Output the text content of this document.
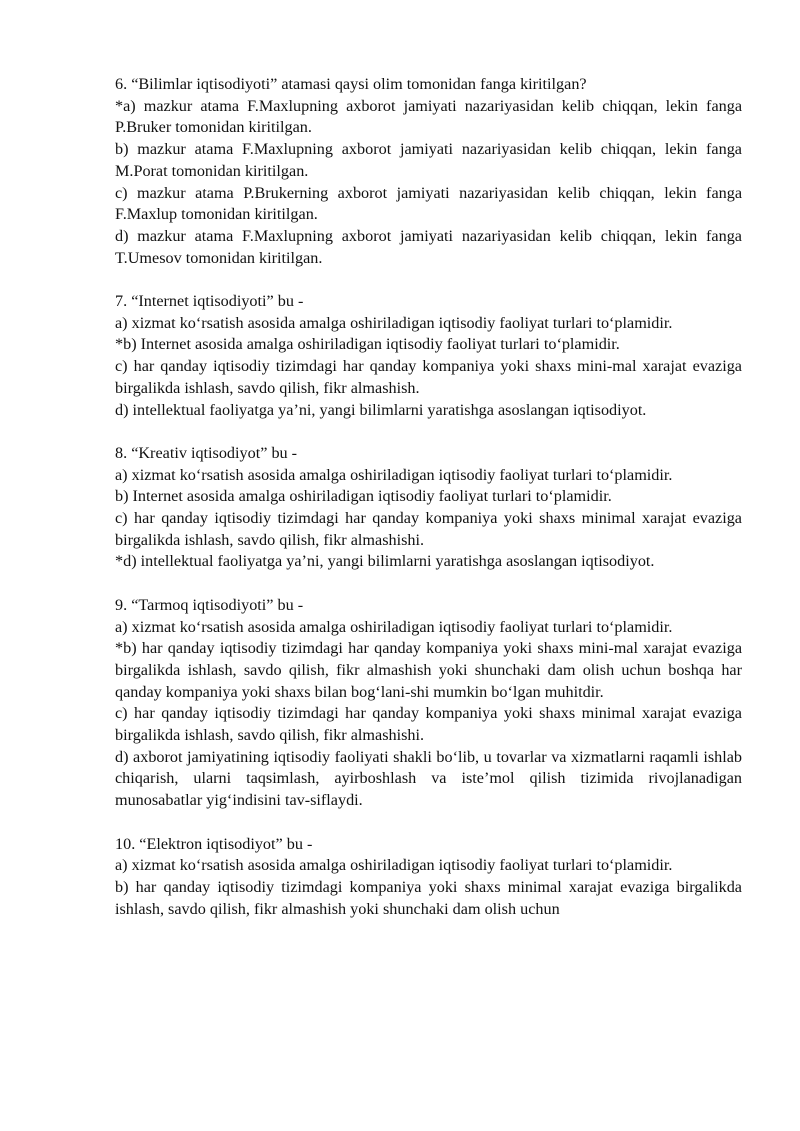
6. “Bilimlar iqtisodiyoti” atamasi qaysi olim tomonidan fanga kiritilgan?

*a) mazkur atama F.Maxlupning axborot jamiyati nazariyasidan kelib chiqqan, lekin fanga P.Bruker tomonidan kiritilgan.

b) mazkur atama F.Maxlupning axborot jamiyati nazariyasidan kelib chiqqan, lekin fanga M.Porat tomonidan kiritilgan.

c) mazkur atama P.Brukerning axborot jamiyati nazariyasidan kelib chiqqan, lekin fanga F.Maxlup tomonidan kiritilgan.

d) mazkur atama F.Maxlupning axborot jamiyati nazariyasidan kelib chiqqan, lekin fanga T.Umesov tomonidan kiritilgan.

7. “Internet iqtisodiyoti” bu -

a) xizmat ko‘rsatish asosida amalga oshiriladigan iqtisodiy faoliyat turlari to‘plamidir.

*b) Internet asosida amalga oshiriladigan iqtisodiy faoliyat turlari to‘plamidir.

c) har qanday iqtisodiy tizimdagi har qanday kompaniya yoki shaxs mini-mal xarajat evaziga birgalikda ishlash, savdo qilish, fikr almashish.

d) intellektual faoliyatga ya’ni, yangi bilimlarni yaratishga asoslangan iqtisodiyot.

8. “Kreativ iqtisodiyot” bu -

a) xizmat ko‘rsatish asosida amalga oshiriladigan iqtisodiy faoliyat turlari to‘plamidir.

b) Internet asosida amalga oshiriladigan iqtisodiy faoliyat turlari to‘plamidir.

c) har qanday iqtisodiy tizimdagi har qanday kompaniya yoki shaxs minimal xarajat evaziga birgalikda ishlash, savdo qilish, fikr almashishi.

*d) intellektual faoliyatga ya’ni, yangi bilimlarni yaratishga asoslangan iqtisodiyot.

9. “Tarmoq iqtisodiyoti” bu -

a) xizmat ko‘rsatish asosida amalga oshiriladigan iqtisodiy faoliyat turlari to‘plamidir.

*b) har qanday iqtisodiy tizimdagi har qanday kompaniya yoki shaxs mini-mal xarajat evaziga birgalikda ishlash, savdo qilish, fikr almashish yoki shunchaki dam olish uchun boshqa har qanday kompaniya yoki shaxs bilan bog‘lani-shi mumkin bo‘lgan muhitdir.

c) har qanday iqtisodiy tizimdagi har qanday kompaniya yoki shaxs minimal xarajat evaziga birgalikda ishlash, savdo qilish, fikr almashishi.

d) axborot jamiyatining iqtisodiy faoliyati shakli bo‘lib, u tovarlar va xizmatlarni raqamli ishlab chiqarish, ularni taqsimlash, ayirboshlash va iste’mol qilish tizimida rivojlanadigan munosabatlar yig‘indisini tav-siflaydi.

10. “Elektron iqtisodiyot” bu -

a) xizmat ko‘rsatish asosida amalga oshiriladigan iqtisodiy faoliyat turlari to‘plamidir.

b) har qanday iqtisodiy tizimdagi kompaniya yoki shaxs minimal xarajat evaziga birgalikda ishlash, savdo qilish, fikr almashish yoki shunchaki dam olish uchun
